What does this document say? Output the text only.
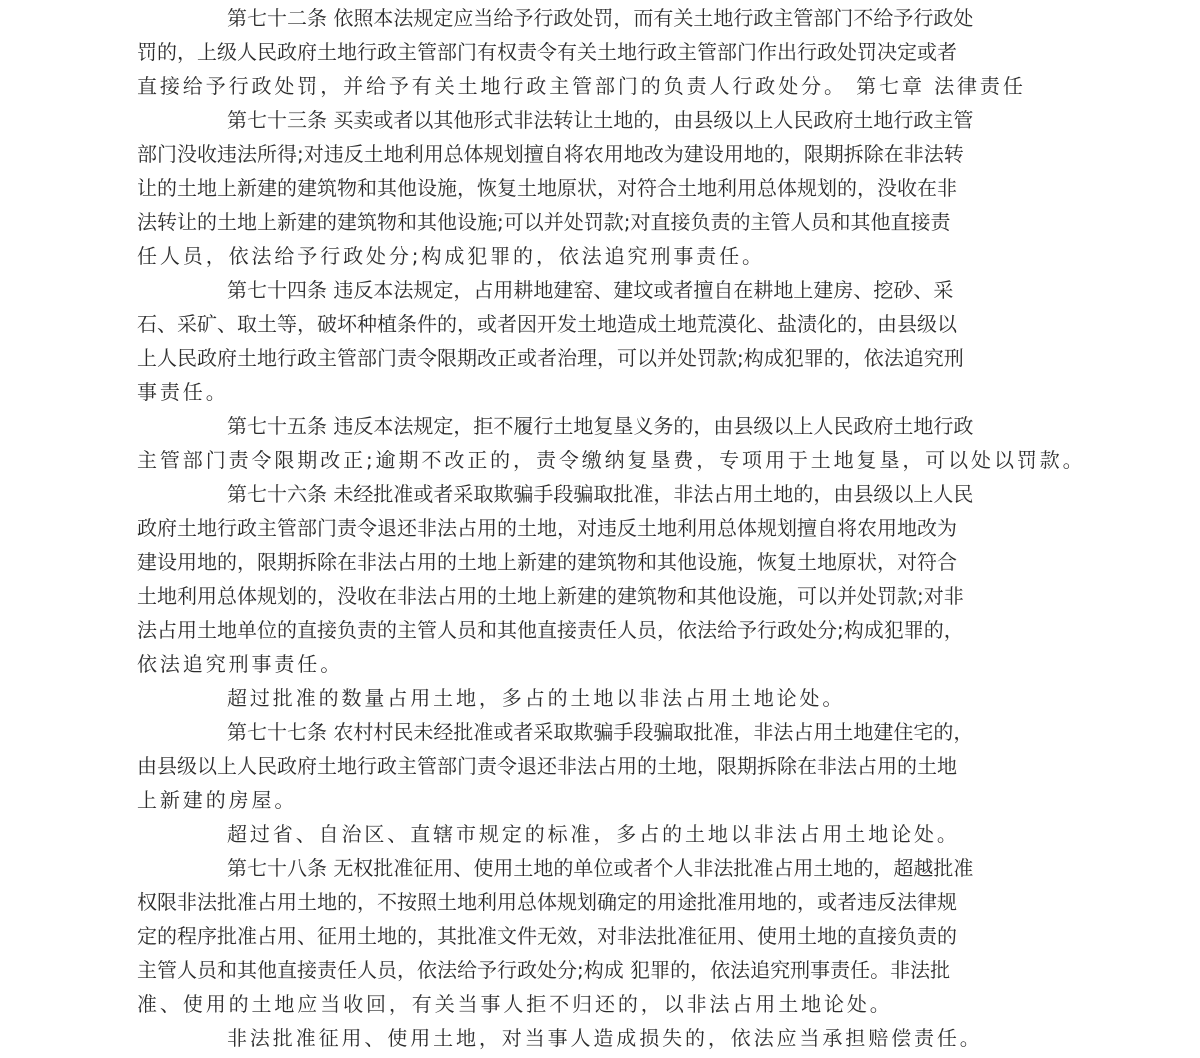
第七十二条 依照本法规定应当给予行政处罚，而有关土地行政主管部门不给予行政处
罚的，上级人民政府土地行政主管部门有权责令有关土地行政主管部门作出行政处罚决定或者
直接给予行政处罚，并给予有关土地行政主管部门的负责人行政处分。 第七章 法律责任
第七十三条 买卖或者以其他形式非法转让土地的，由县级以上人民政府土地行政主管
部门没收违法所得;对违反土地利用总体规划擅自将农用地改为建设用地的，限期拆除在非法转
让的土地上新建的建筑物和其他设施，恢复土地原状，对符合土地利用总体规划的，没收在非
法转让的土地上新建的建筑物和其他设施;可以并处罚款;对直接负责的主管人员和其他直接责
任人员，依法给予行政处分;构成犯罪的，依法追究刑事责任。
第七十四条 违反本法规定，占用耕地建窑、建坟或者擅自在耕地上建房、挖砂、采
石、采矿、取土等，破坏种植条件的，或者因开发土地造成土地荒漠化、盐渍化的，由县级以
上人民政府土地行政主管部门责令限期改正或者治理，可以并处罚款;构成犯罪的，依法追究刑
事责任。
第七十五条 违反本法规定，拒不履行土地复垦义务的，由县级以上人民政府土地行政
主管部门责令限期改正;逾期不改正的，责令缴纳复垦费，专项用于土地复垦，可以处以罚款。
第七十六条 未经批准或者采取欺骗手段骗取批准，非法占用土地的，由县级以上人民
政府土地行政主管部门责令退还非法占用的土地，对违反土地利用总体规划擅自将农用地改为
建设用地的，限期拆除在非法占用的土地上新建的建筑物和其他设施，恢复土地原状，对符合
土地利用总体规划的，没收在非法占用的土地上新建的建筑物和其他设施，可以并处罚款;对非
法占用土地单位的直接负责的主管人员和其他直接责任人员，依法给予行政处分;构成犯罪的，
依法追究刑事责任。
超过批准的数量占用土地，多占的土地以非法占用土地论处。
第七十七条 农村村民未经批准或者采取欺骗手段骗取批准，非法占用土地建住宅的，
由县级以上人民政府土地行政主管部门责令退还非法占用的土地，限期拆除在非法占用的土地
上新建的房屋。
超过省、自治区、直辖市规定的标准，多占的土地以非法占用土地论处。
第七十八条 无权批准征用、使用土地的单位或者个人非法批准占用土地的，超越批准
权限非法批准占用土地的，不按照土地利用总体规划确定的用途批准用地的，或者违反法律规
定的程序批准占用、征用土地的，其批准文件无效，对非法批准征用、使用土地的直接负责的
主管人员和其他直接责任人员，依法给予行政处分;构成 犯罪的，依法追究刑事责任。非法批
准、使用的土地应当收回，有关当事人拒不归还的，以非法占用土地论处。
非法批准征用、使用土地，对当事人造成损失的，依法应当承担赔偿责任。
